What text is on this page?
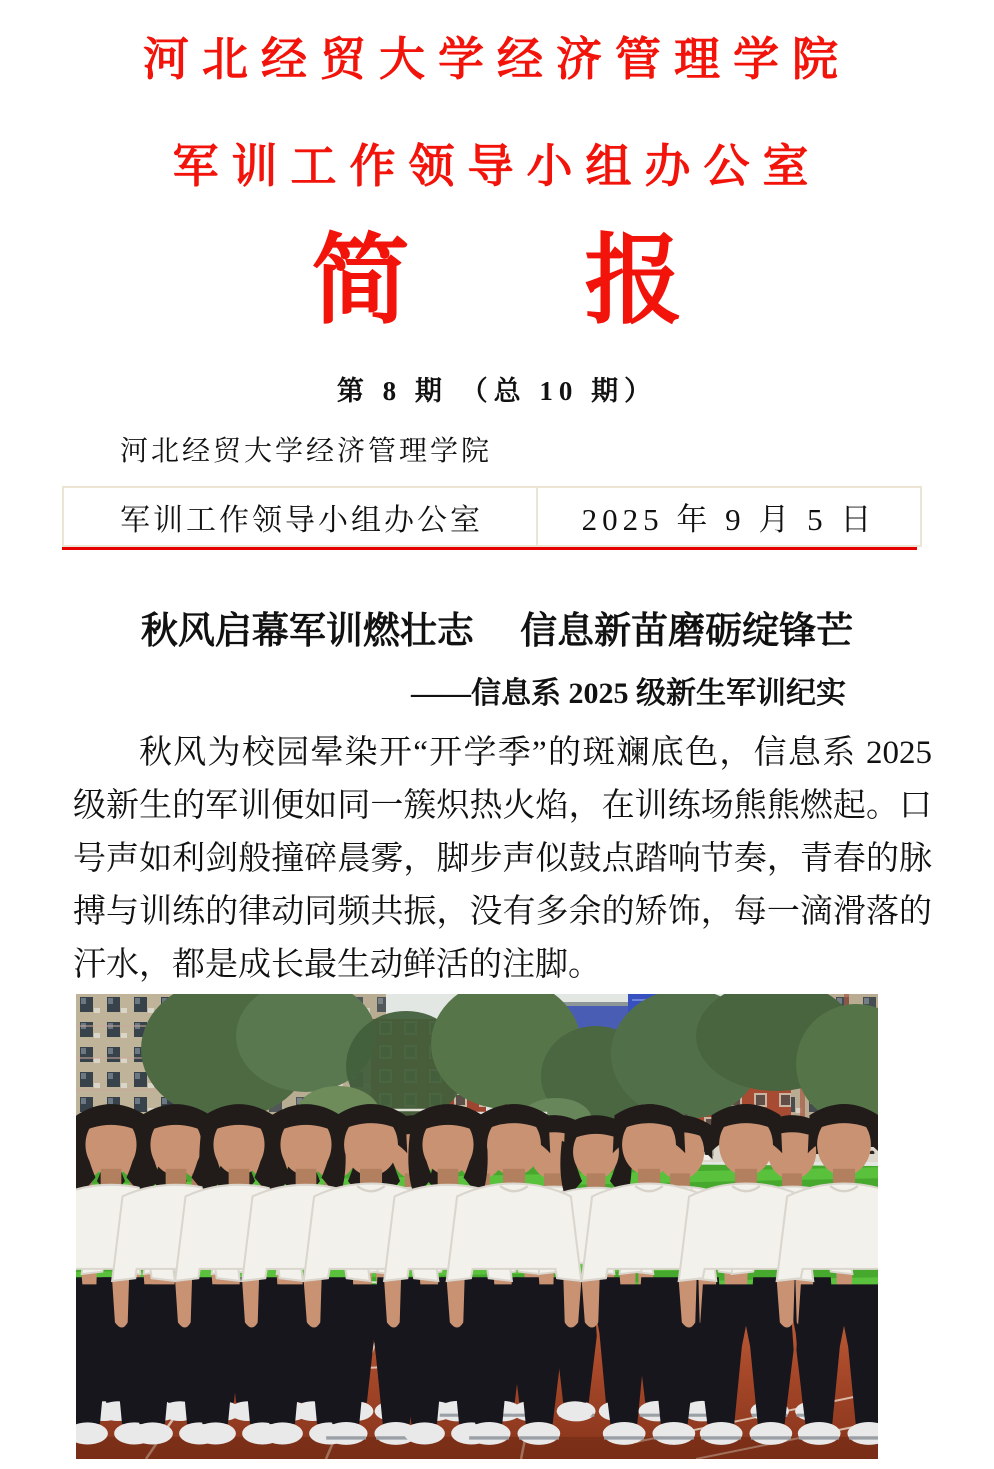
河北经贸大学经济管理学院
军训工作领导小组办公室
简 报
第 8 期 （总 10 期）
河北经贸大学经济管理学院
军训工作领导小组办公室	2025 年 9 月 5 日
秋风启幕军训燃壮志　 信息新苗磨砺绽锋芒
——信息系 2025 级新生军训纪实
秋风为校园晕染开“开学季”的斑斓底色，信息系 2025
级新生的军训便如同一簇炽热火焰，在训练场熊熊燃起。口
号声如利剑般撞碎晨雾，脚步声似鼓点踏响节奏，青春的脉
搏与训练的律动同频共振，没有多余的矫饰，每一滴滑落的
汗水，都是成长最生动鲜活的注脚。
